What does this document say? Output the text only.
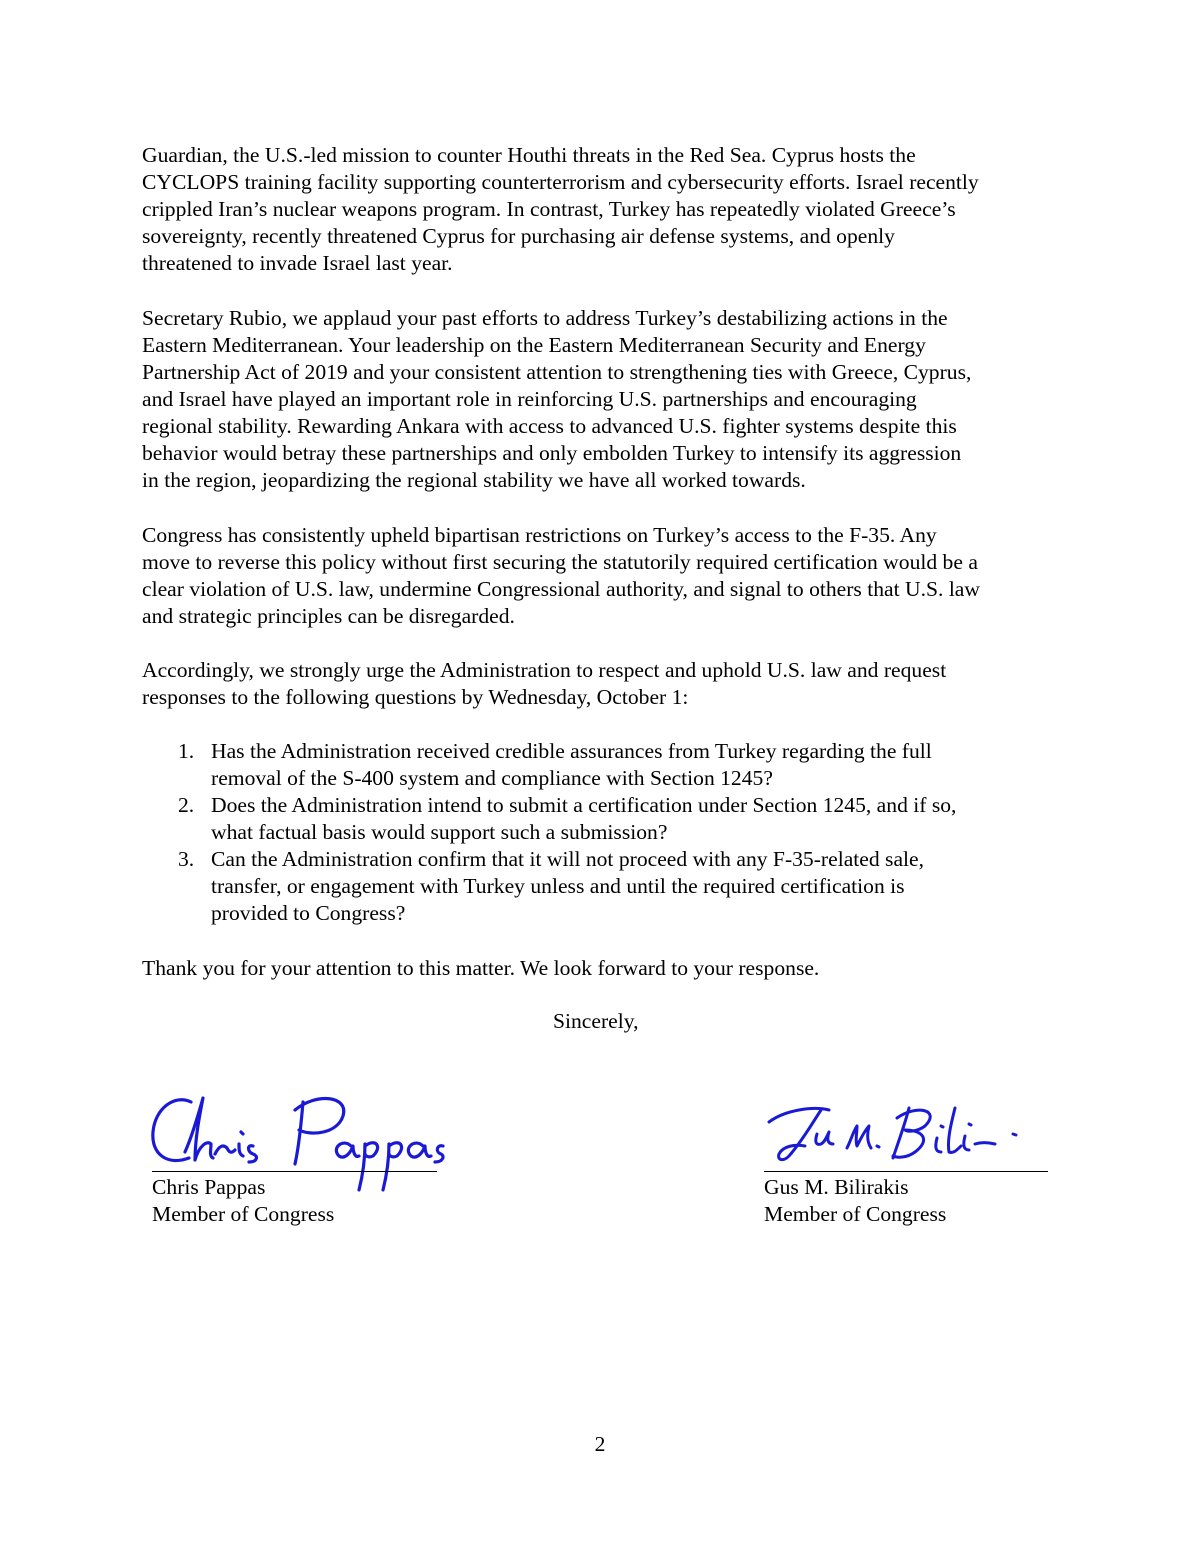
Guardian, the U.S.-led mission to counter Houthi threats in the Red Sea. Cyprus hosts the
CYCLOPS training facility supporting counterterrorism and cybersecurity efforts. Israel recently
crippled Iran’s nuclear weapons program. In contrast, Turkey has repeatedly violated Greece’s
sovereignty, recently threatened Cyprus for purchasing air defense systems, and openly
threatened to invade Israel last year.
Secretary Rubio, we applaud your past efforts to address Turkey’s destabilizing actions in the
Eastern Mediterranean. Your leadership on the Eastern Mediterranean Security and Energy
Partnership Act of 2019 and your consistent attention to strengthening ties with Greece, Cyprus,
and Israel have played an important role in reinforcing U.S. partnerships and encouraging
regional stability. Rewarding Ankara with access to advanced U.S. fighter systems despite this
behavior would betray these partnerships and only embolden Turkey to intensify its aggression
in the region, jeopardizing the regional stability we have all worked towards.
Congress has consistently upheld bipartisan restrictions on Turkey’s access to the F-35. Any
move to reverse this policy without first securing the statutorily required certification would be a
clear violation of U.S. law, undermine Congressional authority, and signal to others that U.S. law
and strategic principles can be disregarded.
Accordingly, we strongly urge the Administration to respect and uphold U.S. law and request
responses to the following questions by Wednesday, October 1:
1. Has the Administration received credible assurances from Turkey regarding the full
removal of the S-400 system and compliance with Section 1245?
2. Does the Administration intend to submit a certification under Section 1245, and if so,
what factual basis would support such a submission?
3. Can the Administration confirm that it will not proceed with any F-35-related sale,
transfer, or engagement with Turkey unless and until the required certification is
provided to Congress?
Thank you for your attention to this matter. We look forward to your response.
Sincerely,
Chris Pappas
Member of Congress
Gus M. Bilirakis
Member of Congress
2
